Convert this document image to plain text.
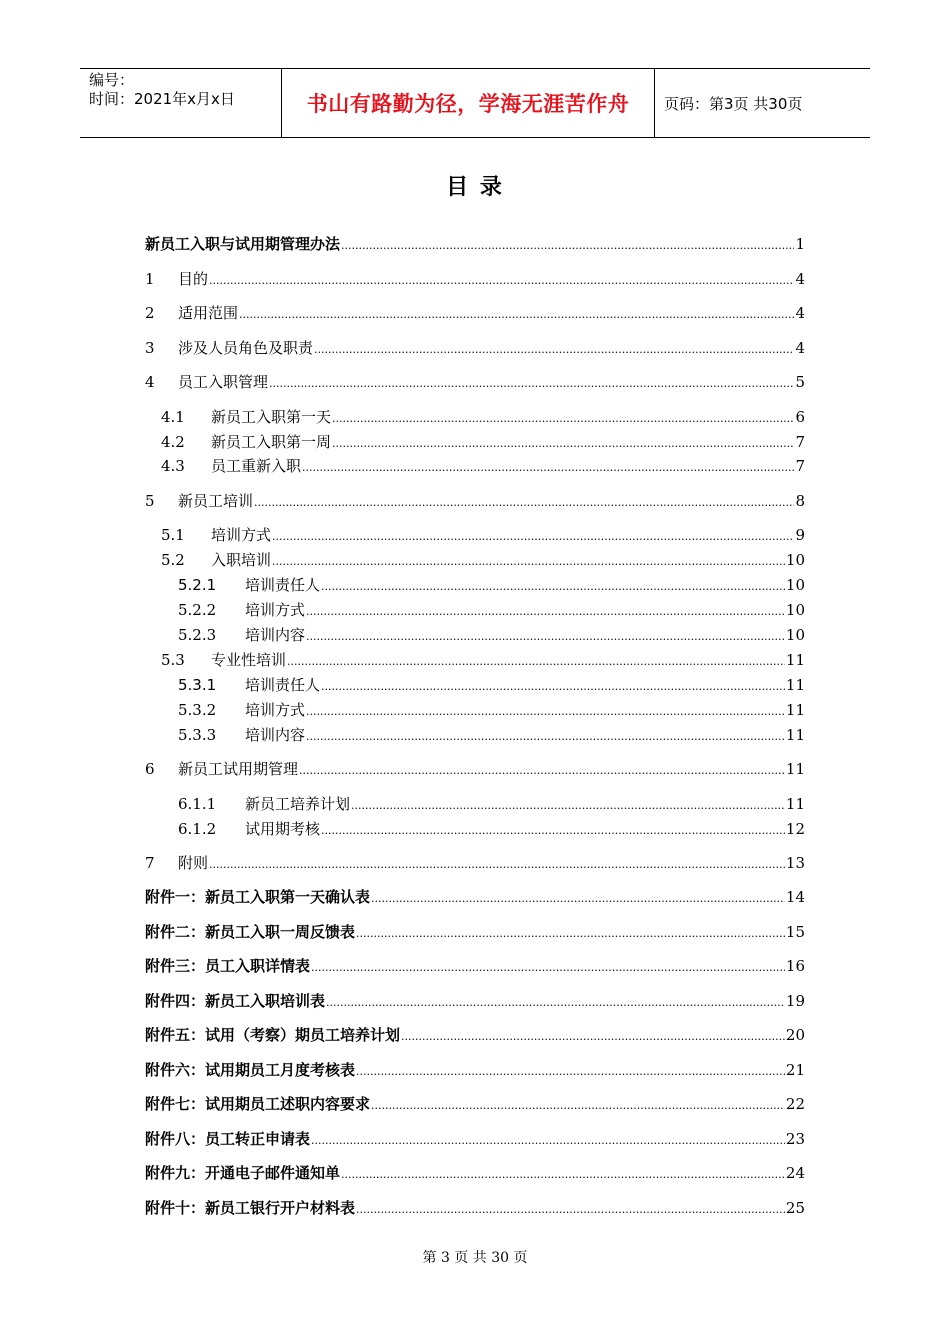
编号：
时间：2021年x月x日	书山有路勤为径，学海无涯苦作舟 页码：第3页 共30页
目 录
新员工入职与试用期管理办法 .....	1
1	目的 .....	4
2	适用范围 .....	4
3	涉及人员角色及职责 .....	4
4	员工入职管理 .....	5
4.1	新员工入职第一天 .....	6
4.2	新员工入职第一周 .....	7
4.3	员工重新入职 .....	7
5	新员工培训 .....	8
5.1	培训方式 .....	9
5.2	入职培训 .....	10
5.2.1	培训责任人 .....	10
5.2.2	培训方式 .....	10
5.2.3	培训内容 .....	10
5.3	专业性培训 .....	11
5.3.1	培训责任人 .....	11
5.3.2	培训方式 .....	11
5.3.3	培训内容 .....	11
6	新员工试用期管理 .....	11
6.1.1	新员工培养计划 .....	11
6.1.2	试用期考核 .....	12
7	附则 .....	13
附件一：新员工入职第一天确认表 .....	14
附件二：新员工入职一周反馈表 .....	15
附件三：员工入职详情表 .....	16
附件四：新员工入职培训表 .....	19
附件五：试用（考察）期员工培养计划 .....	20
附件六：试用期员工月度考核表 .....	21
附件七：试用期员工述职内容要求 .....	22
附件八：员工转正申请表 .....	23
附件九：开通电子邮件通知单 .....	24
附件十：新员工银行开户材料表 .....	25
第 3 页 共 30 页
